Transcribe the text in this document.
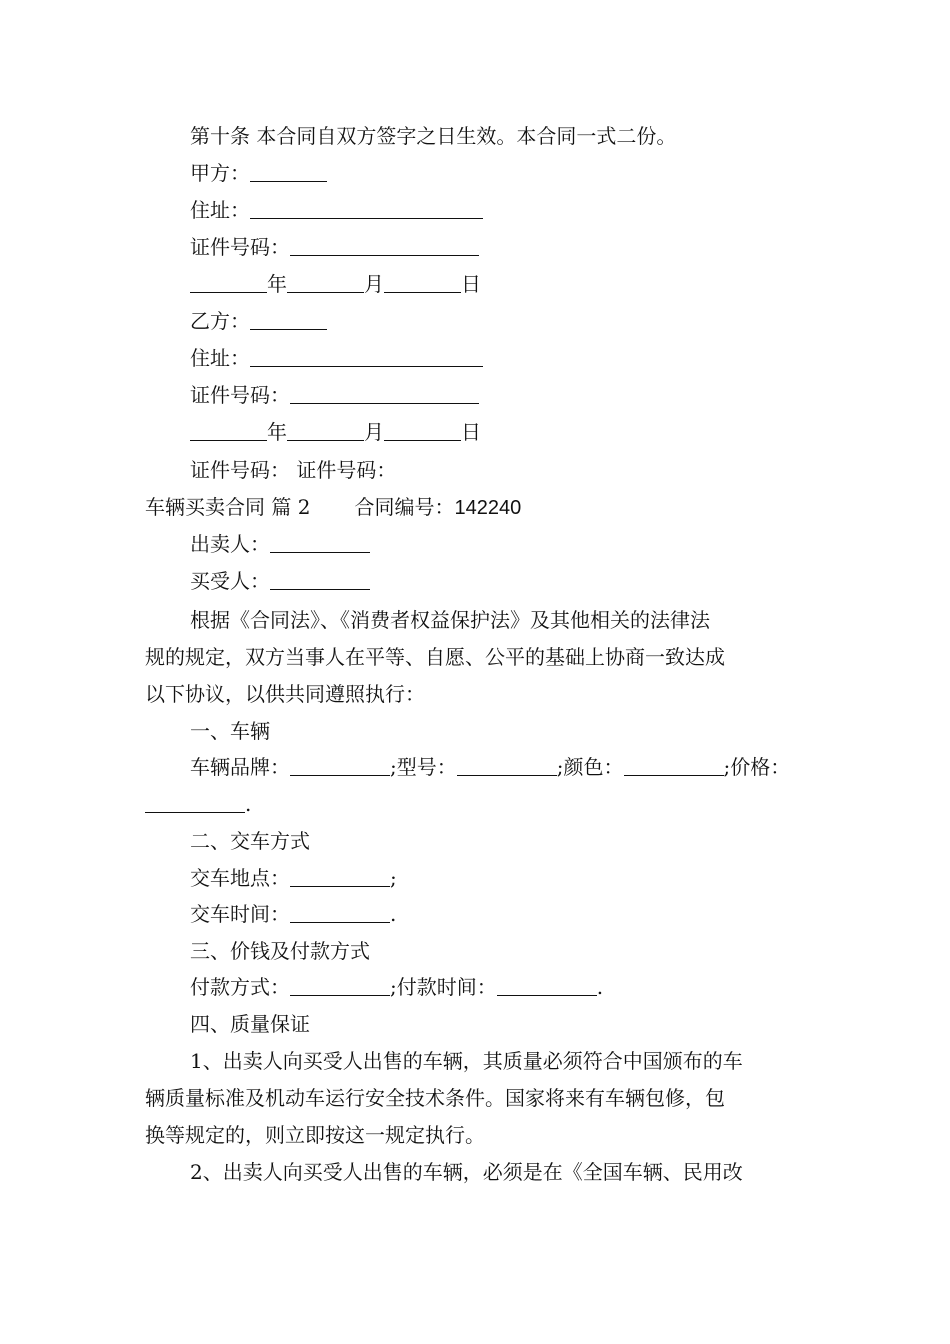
第十条 本合同自双方签字之日生效。本合同一式二份。
甲方：
住址：
证件号码：
年	月	日
乙方：
住址：
证件号码：
年	月	日
证件号码： 证件号码：
车辆买卖合同 篇 2 合同编号：142240
出卖人：
买受人：
根据《合同法》、《消费者权益保护法》及其他相关的法律法
规的规定，双方当事人在平等、自愿、公平的基础上协商一致达成
以下协议，以供共同遵照执行：
一、车辆
车辆品牌：	;型号：	;颜色：	;价格：
.
二、交车方式
交车地点：	;
交车时间：	.
三、价钱及付款方式
付款方式：	;付款时间：	.
四、质量保证
1、出卖人向买受人出售的车辆，其质量必须符合中国颁布的车
辆质量标准及机动车运行安全技术条件。国家将来有车辆包修，包
换等规定的，则立即按这一规定执行。
2、出卖人向买受人出售的车辆，必须是在《全国车辆、民用改
